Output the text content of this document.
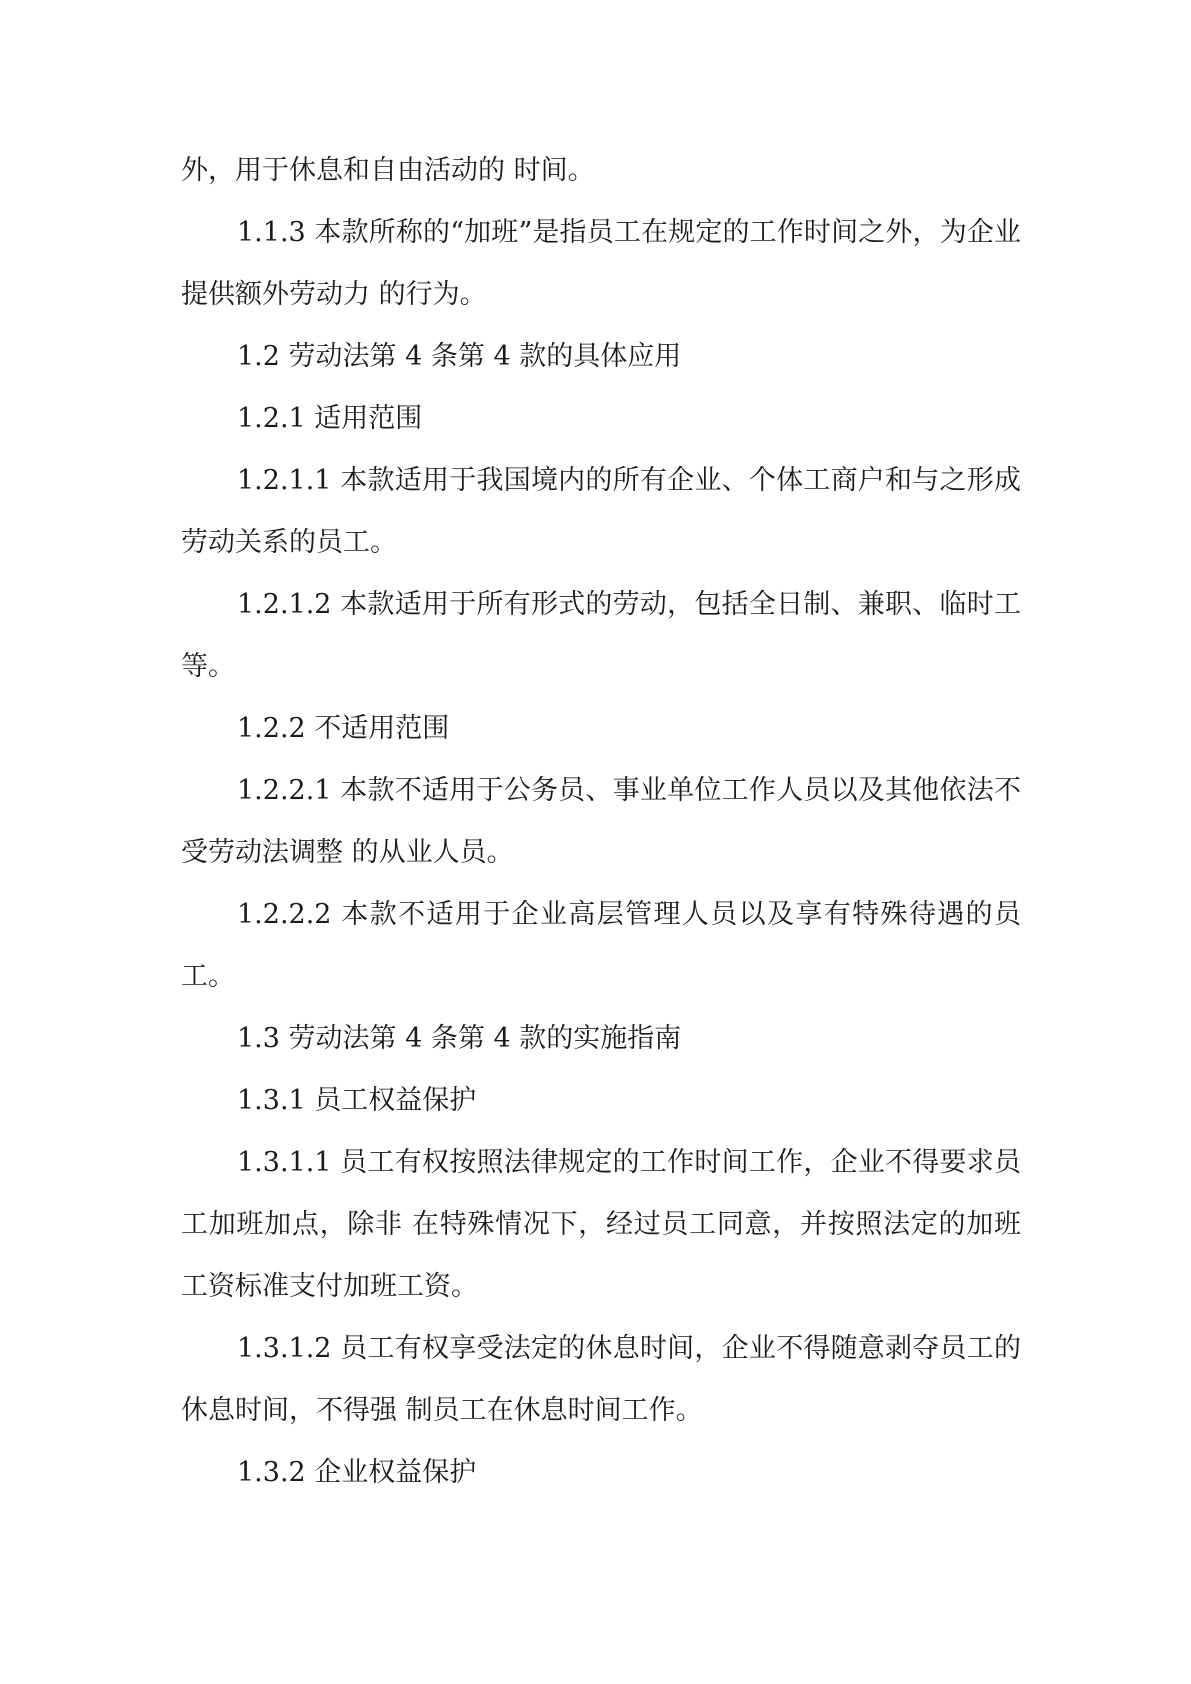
外，用于休息和自由活动的 时间。

1.1.3 本款所称的“加班”是指员工在规定的工作时间之外，为企业提供额外劳动力 的行为。

1.2 劳动法第 4 条第 4 款的具体应用

1.2.1 适用范围

1.2.1.1 本款适用于我国境内的所有企业、个体工商户和与之形成劳动关系的员工。

1.2.1.2 本款适用于所有形式的劳动，包括全日制、兼职、临时工等。

1.2.2 不适用范围

1.2.2.1 本款不适用于公务员、事业单位工作人员以及其他依法不受劳动法调整 的从业人员。

1.2.2.2 本款不适用于企业高层管理人员以及享有特殊待遇的员工。

1.3 劳动法第 4 条第 4 款的实施指南

1.3.1 员工权益保护

1.3.1.1 员工有权按照法律规定的工作时间工作，企业不得要求员工加班加点，除非 在特殊情况下，经过员工同意，并按照法定的加班工资标准支付加班工资。

1.3.1.2 员工有权享受法定的休息时间，企业不得随意剥夺员工的休息时间，不得强 制员工在休息时间工作。

1.3.2 企业权益保护
